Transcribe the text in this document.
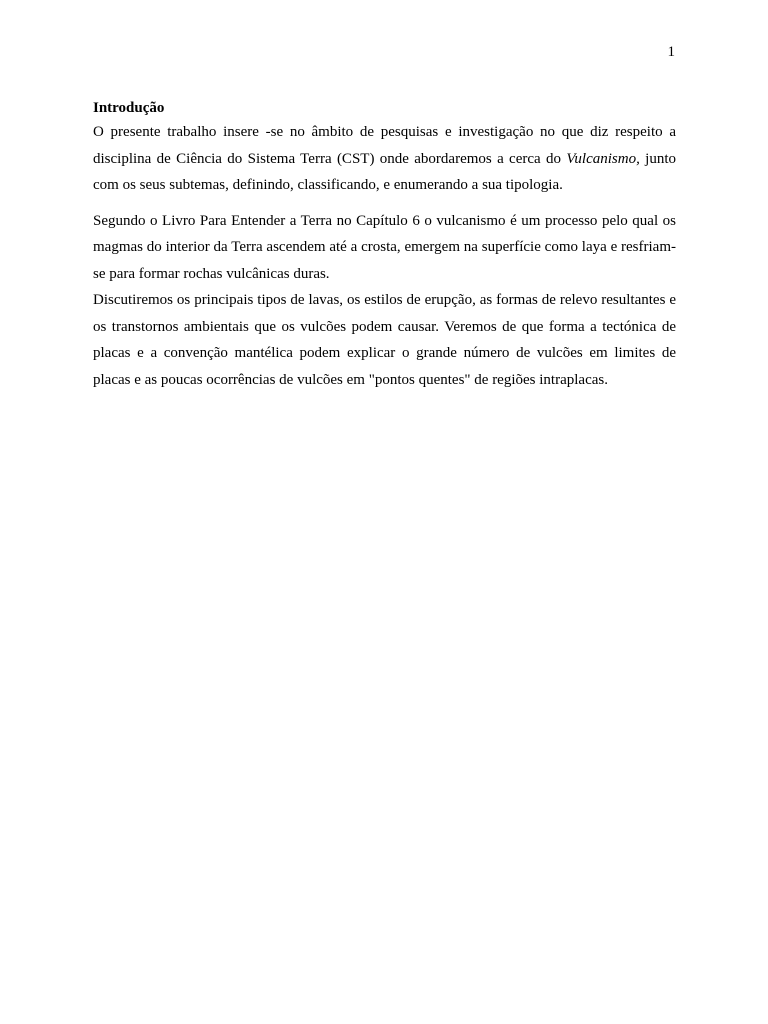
1

Introdução

O presente trabalho insere -se no âmbito de pesquisas e investigação no que diz respeito a disciplina de Ciência do Sistema Terra (CST) onde abordaremos a cerca do Vulcanismo, junto com os seus subtemas, definindo, classificando, e enumerando a sua tipologia.

Segundo o Livro Para Entender a Terra no Capítulo 6 o vulcanismo é um processo pelo qual os magmas do interior da Terra ascendem até a crosta, emergem na superfície como laya e resfriam-se para formar rochas vulcânicas duras.

Discutiremos os principais tipos de lavas, os estilos de erupção, as formas de relevo resultantes e os transtornos ambientais que os vulcões podem causar. Veremos de que forma a tectónica de placas e a convenção mantélica podem explicar o grande número de vulcões em limites de placas e as poucas ocorrências de vulcões em "pontos quentes" de regiões intraplacas.
